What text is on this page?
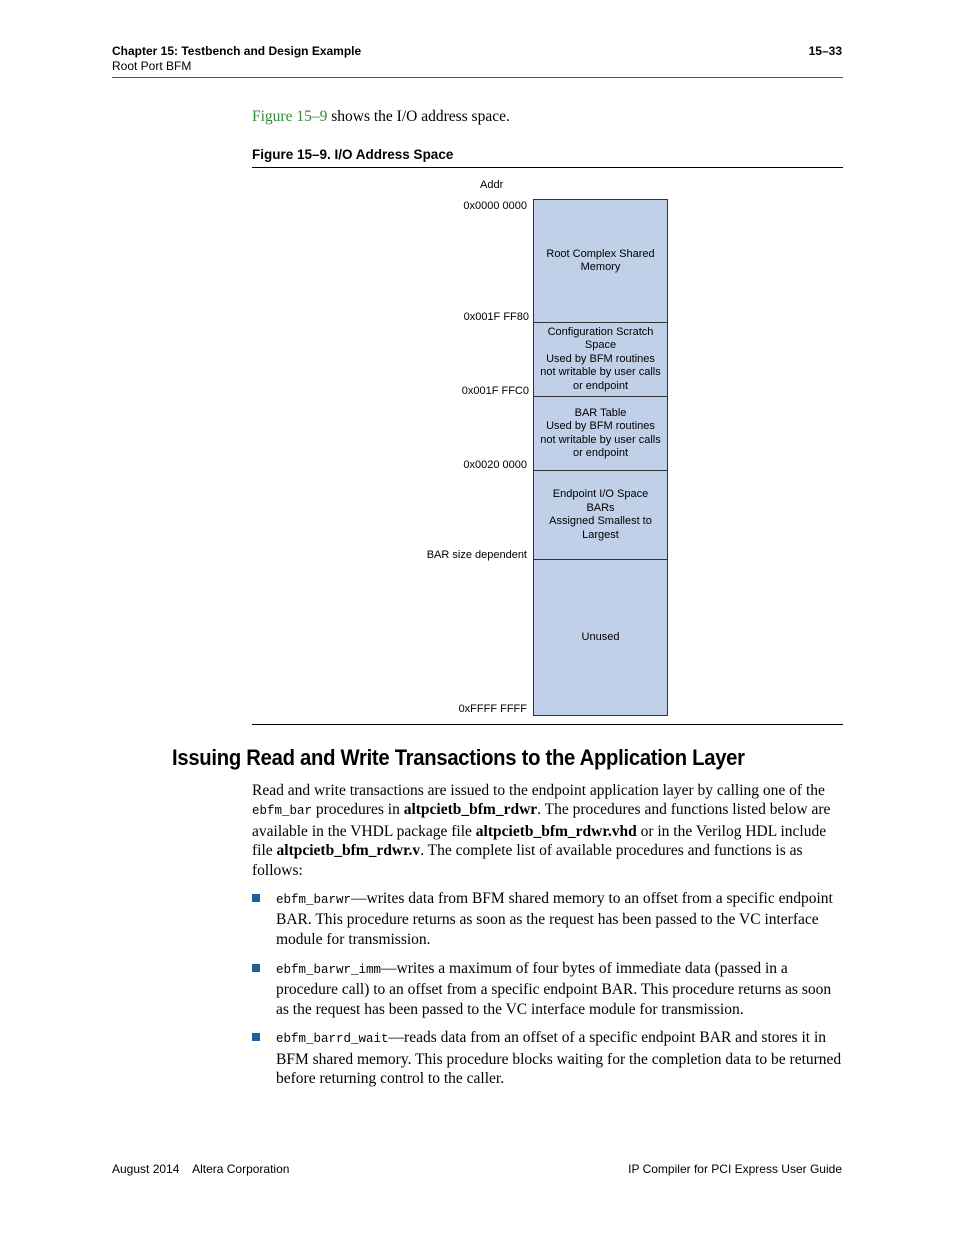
Chapter 15: Testbench and Design Example
Root Port BFM
15–33
Figure 15–9 shows the I/O address space.
Figure 15–9. I/O Address Space
Addr
0x0000 0000
0x001F FF80
0x001F FFC0
0x0020 0000
BAR size dependent
0xFFFF FFFF
Root Complex Shared
Memory
Configuration Scratch
Space
Used by BFM routines
not writable by user calls
or endpoint
BAR Table
Used by BFM routines
not writable by user calls
or endpoint
Endpoint I/O Space
BARs
Assigned Smallest to
Largest
Unused
Issuing Read and Write Transactions to the Application Layer

Read and write transactions are issued to the endpoint application layer by calling one of the ebfm_bar procedures in altpcietb_bfm_rdwr. The procedures and functions listed below are available in the VHDL package file altpcietb_bfm_rdwr.vhd or in the Verilog HDL include file altpcietb_bfm_rdwr.v. The complete list of available procedures and functions is as follows:

ebfm_barwr—writes data from BFM shared memory to an offset from a specific endpoint BAR. This procedure returns as soon as the request has been passed to the VC interface module for transmission.
ebfm_barwr_imm—writes a maximum of four bytes of immediate data (passed in a procedure call) to an offset from a specific endpoint BAR. This procedure returns as soon as the request has been passed to the VC interface module for transmission.
ebfm_barrd_wait—reads data from an offset of a specific endpoint BAR and stores it in BFM shared memory. This procedure blocks waiting for the completion data to be returned before returning control to the caller.
August 2014    Altera Corporation	IP Compiler for PCI Express User Guide
